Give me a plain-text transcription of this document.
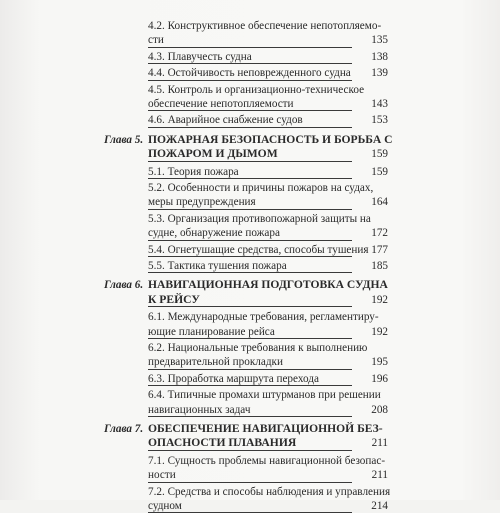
4.2. Конструктивное обеспечение непотопляемо-
сти	135
4.3. Плавучесть судна	138
4.4. Остойчивость неповрежденного судна	139
4.5. Контроль и организационно-техническое
обеспечение непотопляемости	143
4.6. Аварийное снабжение судов	153
Глава 5. ПОЖАРНАЯ БЕЗОПАСНОСТЬ И БОРЬБА С
ПОЖАРОМ И ДЫМОМ	159
5.1. Теория пожара	159
5.2. Особенности и причины пожаров на судах,
меры предупреждения	164
5.3. Организация противопожарной защиты на
судне, обнаружение пожара	172
5.4. Огнетушащие средства, способы тушения 177
5.5. Тактика тушения пожара	185
Глава 6. НАВИГАЦИОННАЯ ПОДГОТОВКА СУДНА
К РЕЙСУ	192
6.1. Международные требования, регламентиру-
ющие планирование рейса	192
6.2. Национальные требования к выполнению
предварительной прокладки	195
6.3. Проработка маршрута перехода	196
6.4. Типичные промахи штурманов при решении
навигационных задач	208
Глава 7. ОБЕСПЕЧЕНИЕ НАВИГАЦИОННОЙ БЕЗ-
ОПАСНОСТИ ПЛАВАНИЯ	211
7.1. Сущность проблемы навигационной безопас-
ности	211
7.2. Средства и способы наблюдения и управления
судном	214
